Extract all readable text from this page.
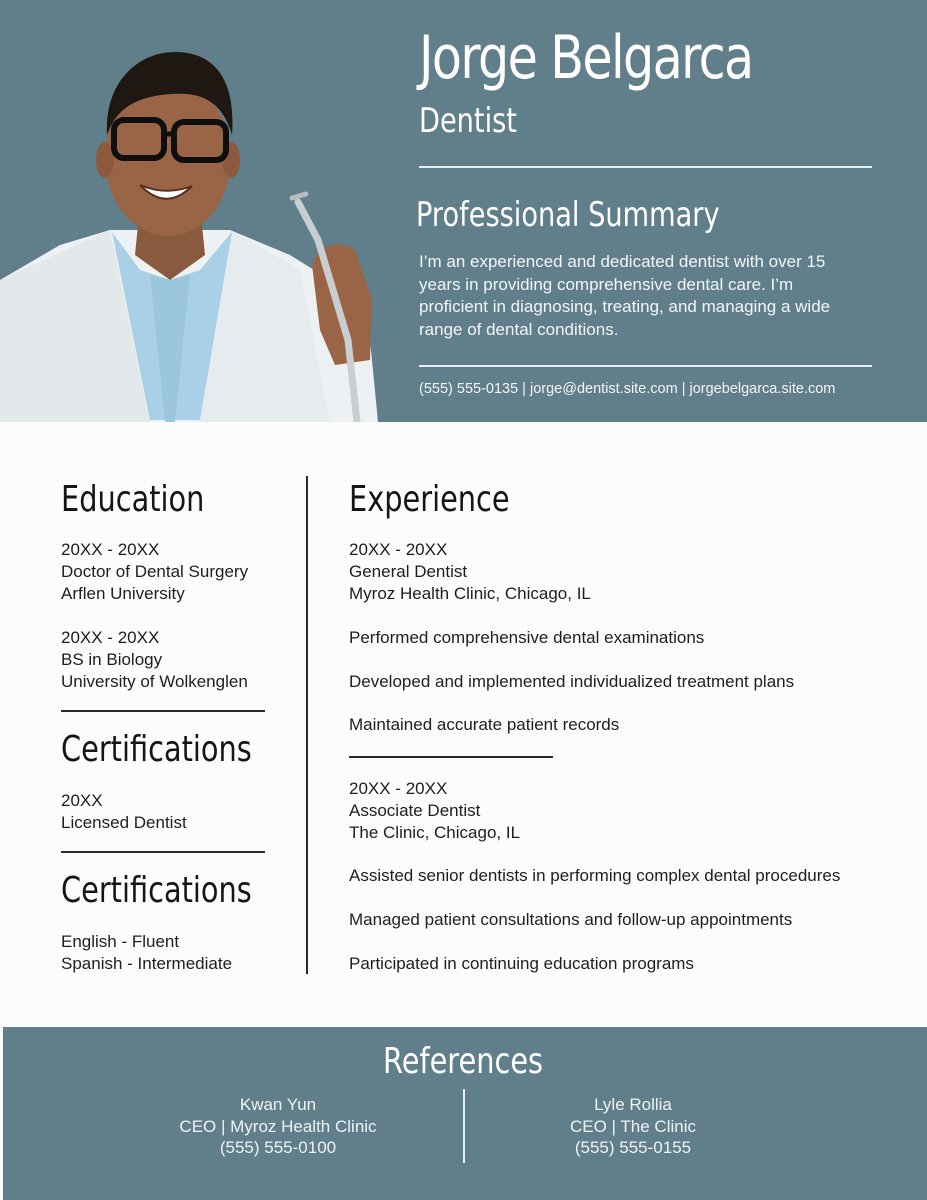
Jorge Belgarca
Dentist
Professional Summary
I’m an experienced and dedicated dentist with over 15
years in providing comprehensive dental care. I’m
proficient in diagnosing, treating, and managing a wide
range of dental conditions.
(555) 555-0135 | jorge@dentist.site.com | jorgebelgarca.site.com
Education
20XX - 20XX
Doctor of Dental Surgery
Arflen University
20XX - 20XX
BS in Biology
University of Wolkenglen
Certifications
20XX
Licensed Dentist
Certifications
English - Fluent
Spanish - Intermediate
Experience
20XX - 20XX
General Dentist
Myroz Health Clinic, Chicago, IL
Performed comprehensive dental examinations
Developed and implemented individualized treatment plans
Maintained accurate patient records
20XX - 20XX
Associate Dentist
The Clinic, Chicago, IL
Assisted senior dentists in performing complex dental procedures
Managed patient consultations and follow-up appointments
Participated in continuing education programs
References
Kwan Yun
CEO | Myroz Health Clinic
(555) 555-0100
Lyle Rollia
CEO | The Clinic
(555) 555-0155
